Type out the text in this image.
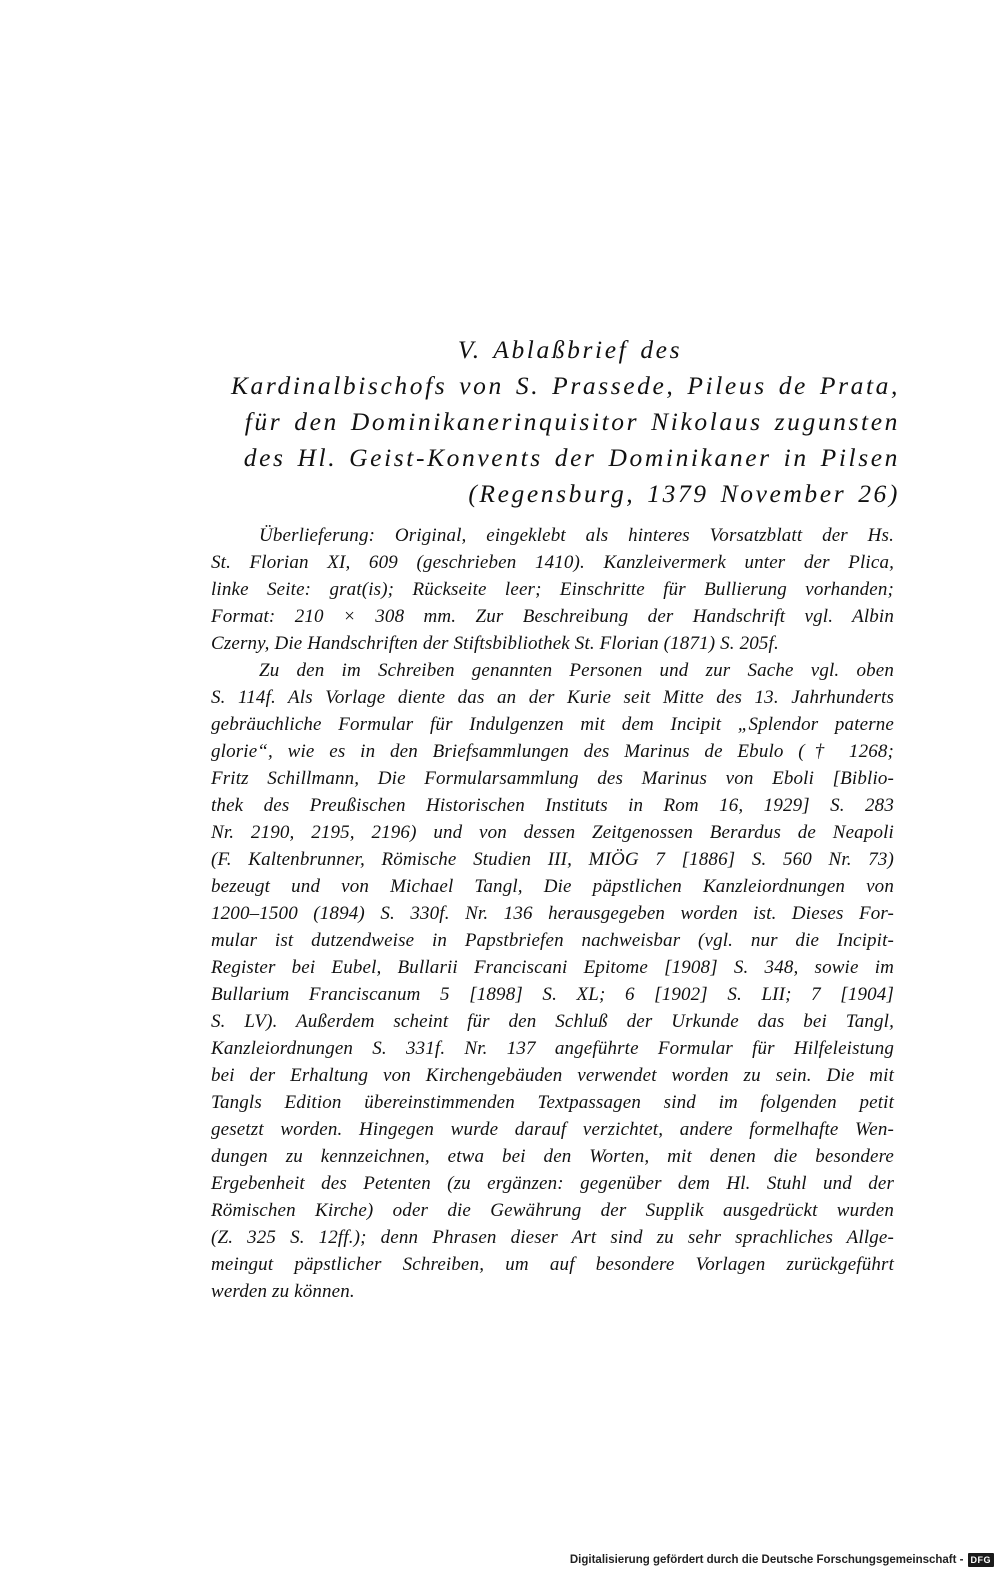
V. Ablaßbrief des
Kardinalbischofs von S. Prassede, Pileus de Prata,
für den Dominikanerinquisitor Nikolaus zugunsten
des Hl. Geist-Konvents der Dominikaner in Pilsen
(Regensburg, 1379 November 26)
Überlieferung: Original, eingeklebt als hinteres Vorsatzblatt der Hs.
St. Florian XI, 609 (geschrieben 1410). Kanzleivermerk unter der Plica,
linke Seite: grat(is); Rückseite leer; Einschritte für Bullierung vorhanden;
Format: 210 × 308 mm. Zur Beschreibung der Handschrift vgl. Albin
Czerny, Die Handschriften der Stiftsbibliothek St. Florian (1871) S. 205f.
Zu den im Schreiben genannten Personen und zur Sache vgl. oben
S. 114f. Als Vorlage diente das an der Kurie seit Mitte des 13. Jahrhunderts
gebräuchliche Formular für Indulgenzen mit dem Incipit „Splendor paterne
glorie“, wie es in den Briefsammlungen des Marinus de Ebulo († 1268;
Fritz Schillmann, Die Formularsammlung des Marinus von Eboli [Biblio-
thek des Preußischen Historischen Instituts in Rom 16, 1929] S. 283
Nr. 2190, 2195, 2196) und von dessen Zeitgenossen Berardus de Neapoli
(F. Kaltenbrunner, Römische Studien III, MIÖG 7 [1886] S. 560 Nr. 73)
bezeugt und von Michael Tangl, Die päpstlichen Kanzleiordnungen von
1200–1500 (1894) S. 330f. Nr. 136 herausgegeben worden ist. Dieses For-
mular ist dutzendweise in Papstbriefen nachweisbar (vgl. nur die Incipit-
Register bei Eubel, Bullarii Franciscani Epitome [1908] S. 348, sowie im
Bullarium Franciscanum 5 [1898] S. XL; 6 [1902] S. LII; 7 [1904]
S. LV). Außerdem scheint für den Schluß der Urkunde das bei Tangl,
Kanzleiordnungen S. 331f. Nr. 137 angeführte Formular für Hilfeleistung
bei der Erhaltung von Kirchengebäuden verwendet worden zu sein. Die mit
Tangls Edition übereinstimmenden Textpassagen sind im folgenden petit
gesetzt worden. Hingegen wurde darauf verzichtet, andere formelhafte Wen-
dungen zu kennzeichnen, etwa bei den Worten, mit denen die besondere
Ergebenheit des Petenten (zu ergänzen: gegenüber dem Hl. Stuhl und der
Römischen Kirche) oder die Gewährung der Supplik ausgedrückt wurden
(Z. 325 S. 12ff.); denn Phrasen dieser Art sind zu sehr sprachliches Allge-
meingut päpstlicher Schreiben, um auf besondere Vorlagen zurückgeführt
werden zu können.
Digitalisierung gefördert durch die Deutsche Forschungsgemeinschaft - DFG
